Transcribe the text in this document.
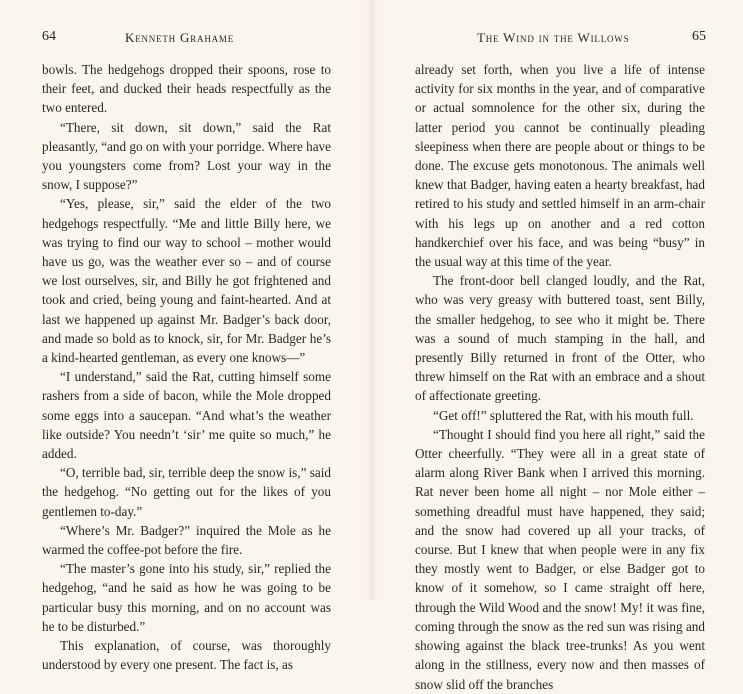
64	Kenneth Grahame

bowls. The hedgehogs dropped their spoons, rose to their feet, and ducked their heads respectfully as the two entered.

“There, sit down, sit down,” said the Rat pleasantly, “and go on with your porridge. Where have you youngsters come from? Lost your way in the snow, I suppose?”

“Yes, please, sir,” said the elder of the two hedgehogs respectfully. “Me and little Billy here, we was trying to find our way to school – mother would have us go, was the weather ever so – and of course we lost ourselves, sir, and Billy he got frightened and took and cried, being young and faint-hearted. And at last we happened up against Mr. Badger’s back door, and made so bold as to knock, sir, for Mr. Badger he’s a kind-hearted gentleman, as every one knows—”

“I understand,” said the Rat, cutting himself some rashers from a side of bacon, while the Mole dropped some eggs into a saucepan. “And what’s the weather like outside? You needn’t ‘sir’ me quite so much,” he added.

“O, terrible bad, sir, terrible deep the snow is,” said the hedgehog. “No getting out for the likes of you gentlemen to-day.”

“Where’s Mr. Badger?” inquired the Mole as he warmed the coffee-pot before the fire.

“The master’s gone into his study, sir,” replied the hedgehog, “and he said as how he was going to be particular busy this morning, and on no account was he to be disturbed.”

This explanation, of course, was thoroughly understood by every one present. The fact is, as

The Wind in the Willows	65

already set forth, when you live a life of intense activity for six months in the year, and of comparative or actual somnolence for the other six, during the latter period you cannot be continually pleading sleepiness when there are people about or things to be done. The excuse gets monotonous. The animals well knew that Badger, having eaten a hearty breakfast, had retired to his study and settled himself in an arm-chair with his legs up on another and a red cotton handkerchief over his face, and was being “busy” in the usual way at this time of the year.

The front-door bell clanged loudly, and the Rat, who was very greasy with buttered toast, sent Billy, the smaller hedgehog, to see who it might be. There was a sound of much stamping in the hall, and presently Billy returned in front of the Otter, who threw himself on the Rat with an embrace and a shout of affectionate greeting.

“Get off!” spluttered the Rat, with his mouth full.

“Thought I should find you here all right,” said the Otter cheerfully. “They were all in a great state of alarm along River Bank when I arrived this morning. Rat never been home all night – nor Mole either – something dreadful must have happened, they said; and the snow had covered up all your tracks, of course. But I knew that when people were in any fix they mostly went to Badger, or else Badger got to know of it somehow, so I came straight off here, through the Wild Wood and the snow! My! it was fine, coming through the snow as the red sun was rising and showing against the black tree-trunks! As you went along in the stillness, every now and then masses of snow slid off the branches
